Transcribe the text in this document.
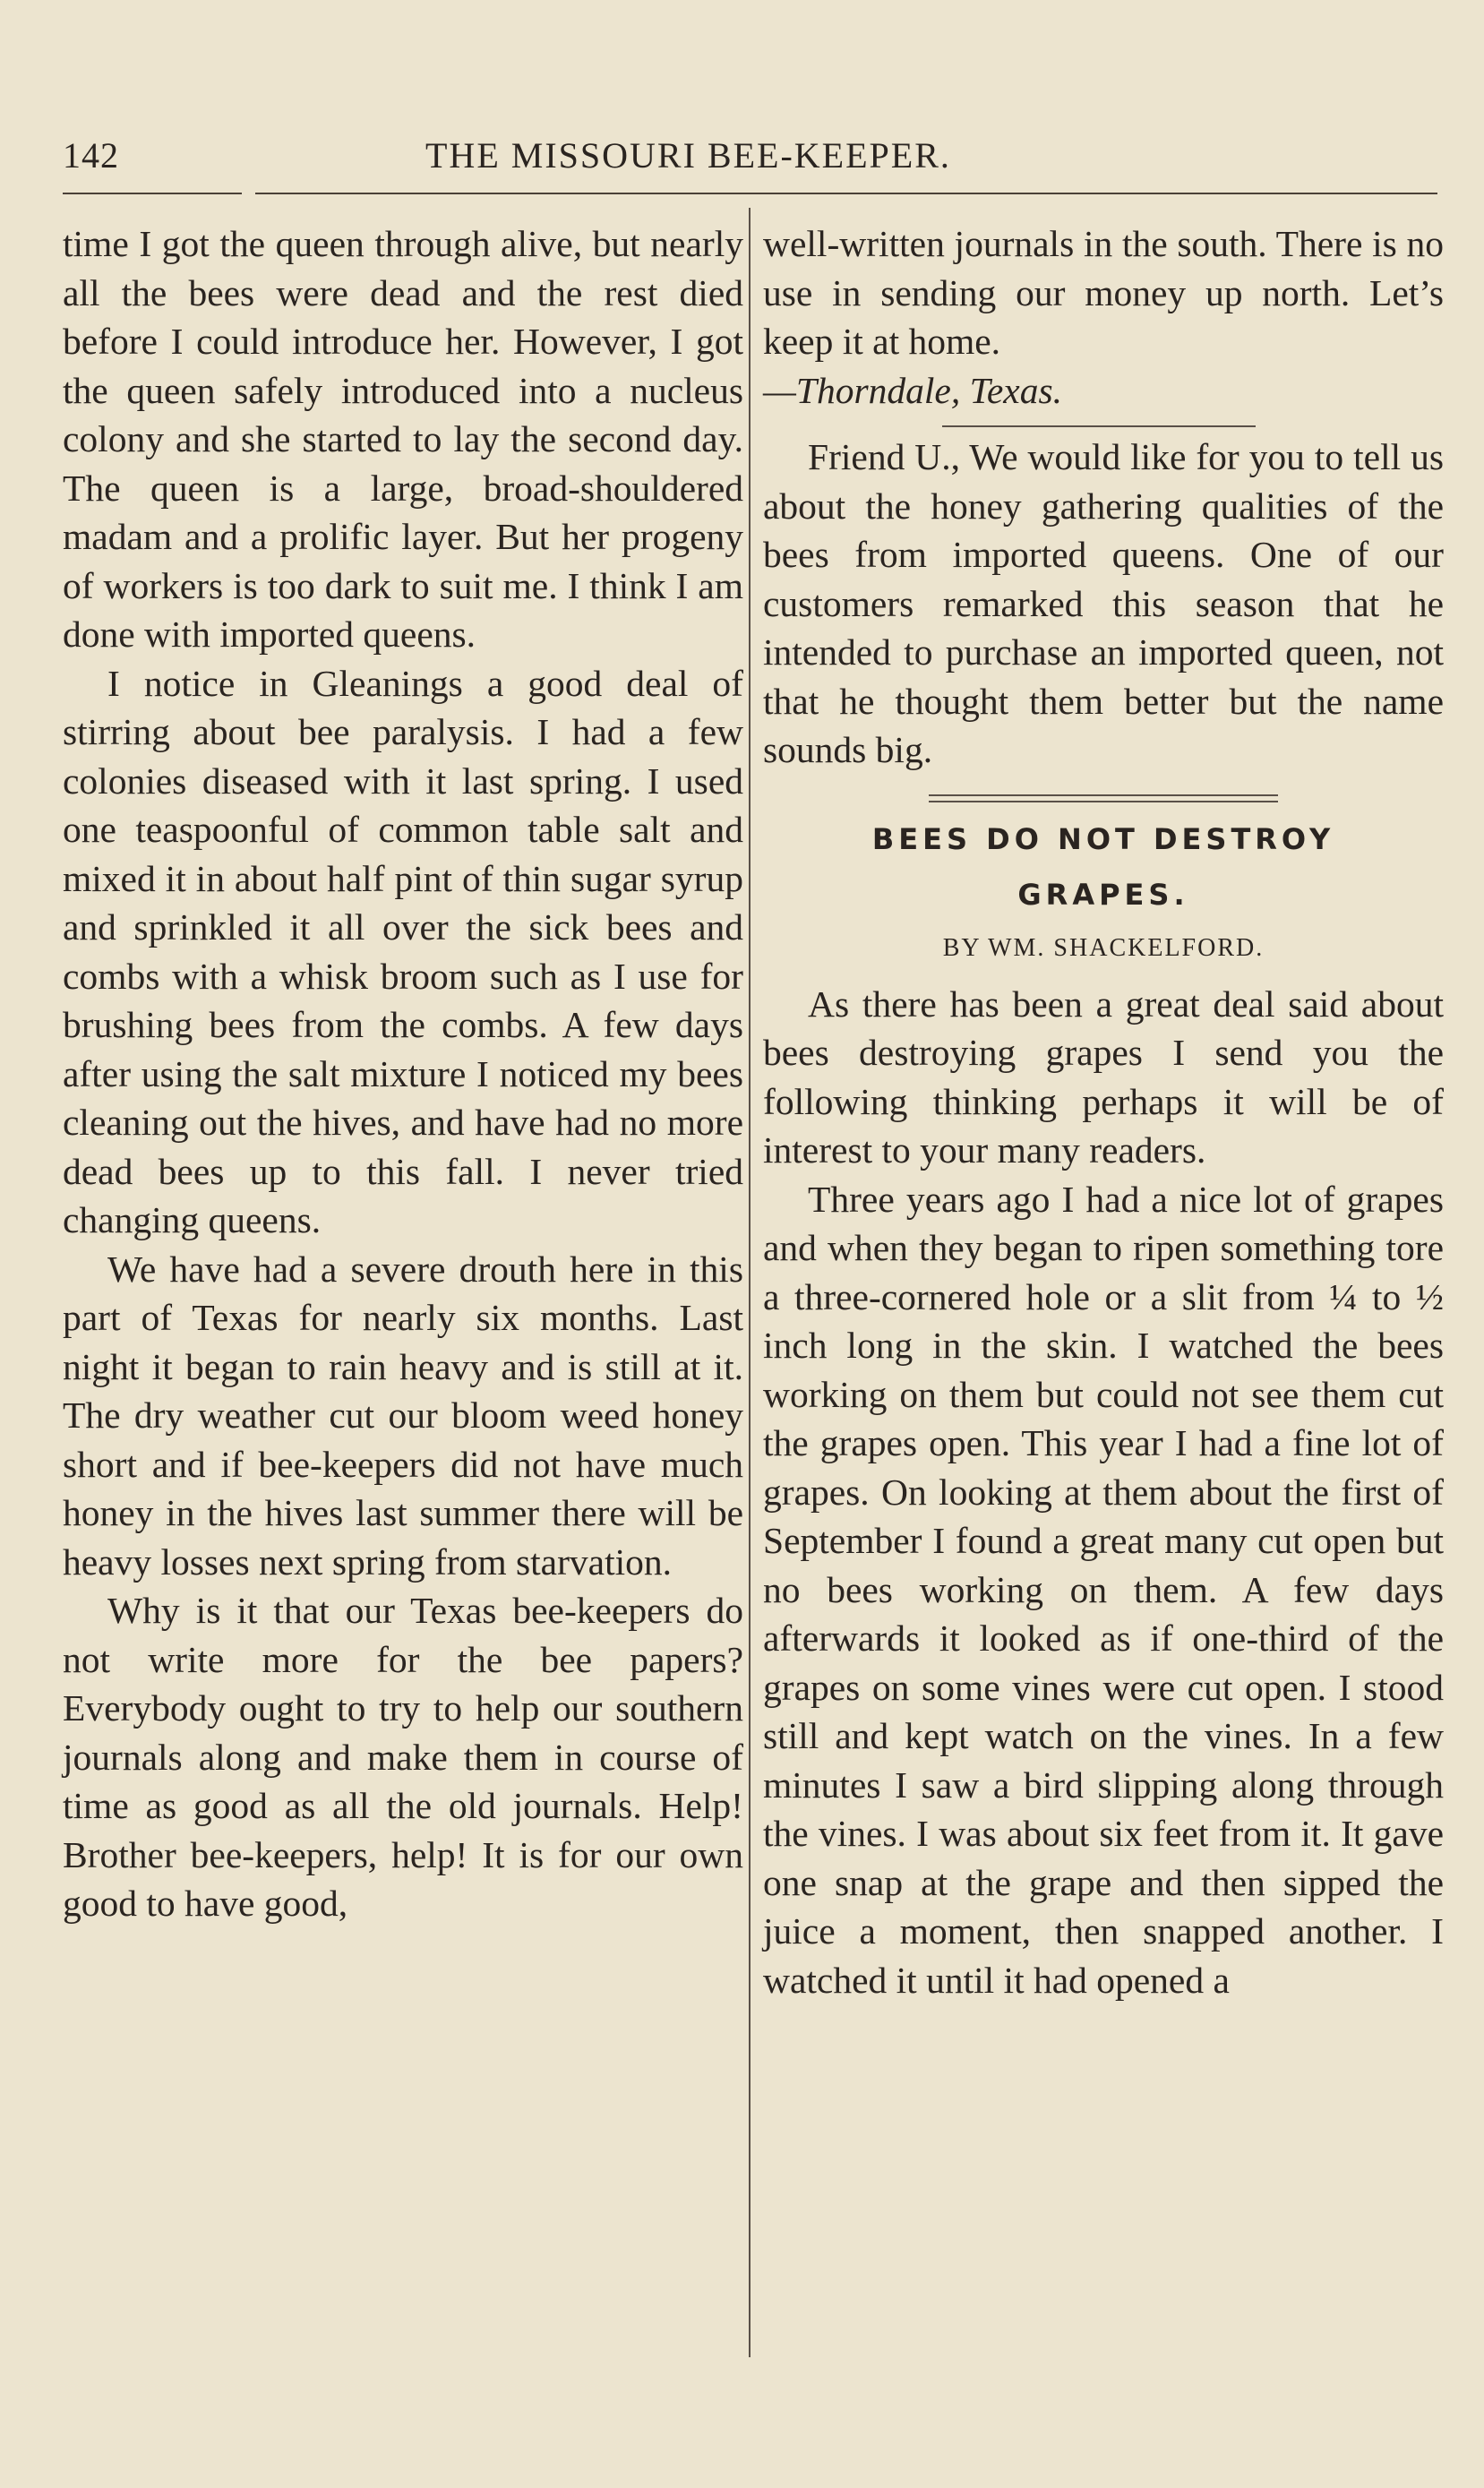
142	THE MISSOURI BEE-KEEPER.

time I got the queen through alive, but nearly all the bees were dead and the rest died before I could introduce her. However, I got the queen safely introduced into a nucleus colony and she started to lay the second day. The queen is a large, broad-shouldered madam and a prolific layer. But her progeny of workers is too dark to suit me. I think I am done with imported queens.

I notice in Gleanings a good deal of stirring about bee paralysis. I had a few colonies diseased with it last spring. I used one teaspoonful of common table salt and mixed it in about half pint of thin sugar syrup and sprinkled it all over the sick bees and combs with a whisk broom such as I use for brushing bees from the combs. A few days after using the salt mixture I noticed my bees cleaning out the hives, and have had no more dead bees up to this fall. I never tried changing queens.

We have had a severe drouth here in this part of Texas for nearly six months. Last night it began to rain heavy and is still at it. The dry weather cut our bloom weed honey short and if bee-keepers did not have much honey in the hives last summer there will be heavy losses next spring from starvation.

Why is it that our Texas bee-keepers do not write more for the bee papers? Everybody ought to try to help our southern journals along and make them in course of time as good as all the old journals. Help! Brother bee-keepers, help! It is for our own good to have good,

well-written journals in the south. There is no use in sending our money up north. Let’s keep it at home.

—Thorndale, Texas.

Friend U., We would like for you to tell us about the honey gathering qualities of the bees from imported queens. One of our customers remarked this season that he intended to purchase an imported queen, not that he thought them better but the name sounds big.

BEES DO NOT DESTROY
GRAPES.
BY WM. SHACKELFORD.

As there has been a great deal said about bees destroying grapes I send you the following thinking perhaps it will be of interest to your many readers.

Three years ago I had a nice lot of grapes and when they began to ripen something tore a three-cornered hole or a slit from ¼ to ½ inch long in the skin. I watched the bees working on them but could not see them cut the grapes open. This year I had a fine lot of grapes. On looking at them about the first of September I found a great many cut open but no bees working on them. A few days afterwards it looked as if one-third of the grapes on some vines were cut open. I stood still and kept watch on the vines. In a few minutes I saw a bird slipping along through the vines. I was about six feet from it. It gave one snap at the grape and then sipped the juice a moment, then snapped another. I watched it until it had opened a
